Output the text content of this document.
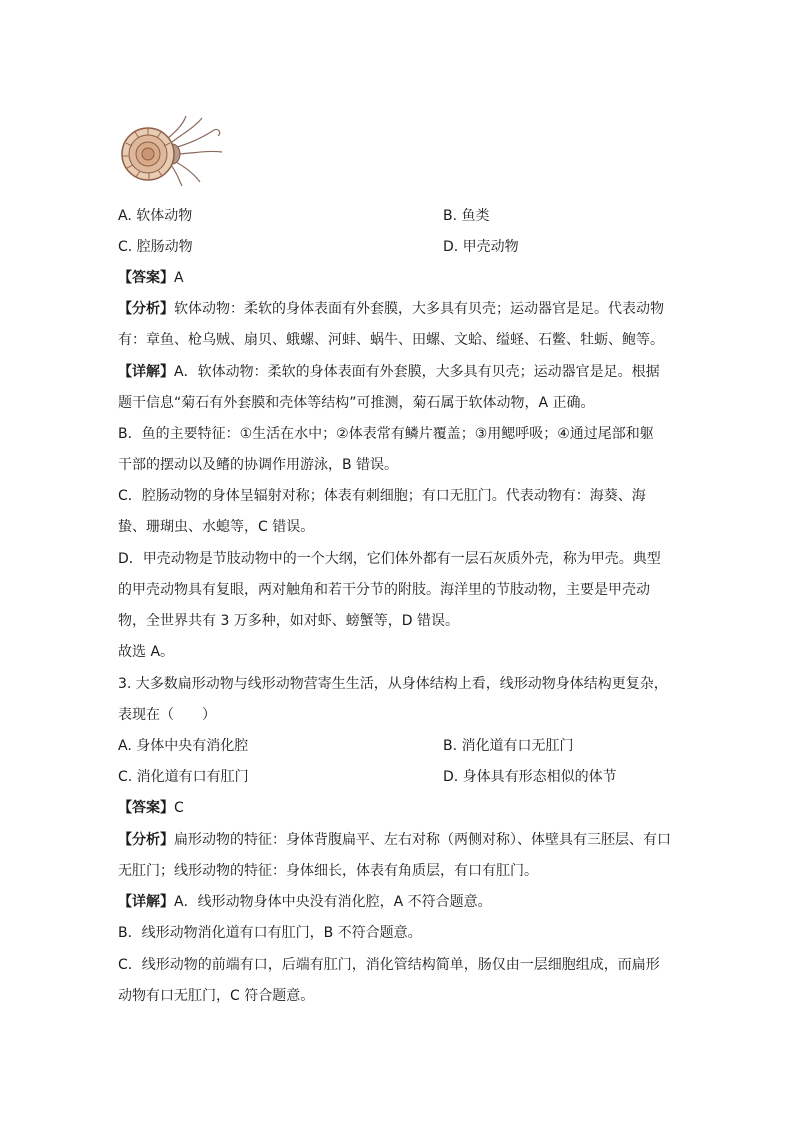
A. 软体动物	B. 鱼类
C. 腔肠动物	D. 甲壳动物
【答案】A
【分析】软体动物：柔软的身体表面有外套膜，大多具有贝壳；运动器官是足。代表动物
有：章鱼、枪乌贼、扇贝、蛾螺、河蚌、蜗牛、田螺、文蛤、缢蛏、石鳖、牡蛎、鲍等。
【详解】A．软体动物：柔软的身体表面有外套膜，大多具有贝壳；运动器官是足。根据
题干信息“菊石有外套膜和壳体等结构”可推测，菊石属于软体动物，A 正确。
B．鱼的主要特征：①生活在水中；②体表常有鳞片覆盖；③用鳃呼吸；④通过尾部和躯
干部的摆动以及鳍的协调作用游泳，B 错误。
C．腔肠动物的身体呈辐射对称；体表有刺细胞；有口无肛门。代表动物有：海葵、海
蛰、珊瑚虫、水螅等，C 错误。
D．甲壳动物是节肢动物中的一个大纲，它们体外都有一层石灰质外壳，称为甲壳。典型
的甲壳动物具有复眼，两对触角和若干分节的附肢。海洋里的节肢动物，主要是甲壳动
物，全世界共有 3 万多种，如对虾、螃蟹等，D 错误。
故选 A。
3. 大多数扁形动物与线形动物营寄生生活，从身体结构上看，线形动物身体结构更复杂，
表现在（　　）
A. 身体中央有消化腔	B. 消化道有口无肛门
C. 消化道有口有肛门	D. 身体具有形态相似的体节
【答案】C
【分析】扁形动物的特征：身体背腹扁平、左右对称（两侧对称）、体壁具有三胚层、有口
无肛门；线形动物的特征：身体细长，体表有角质层，有口有肛门。
【详解】A．线形动物身体中央没有消化腔，A 不符合题意。
B．线形动物消化道有口有肛门，B 不符合题意。
C．线形动物的前端有口，后端有肛门，消化管结构简单，肠仅由一层细胞组成，而扁形
动物有口无肛门，C 符合题意。
